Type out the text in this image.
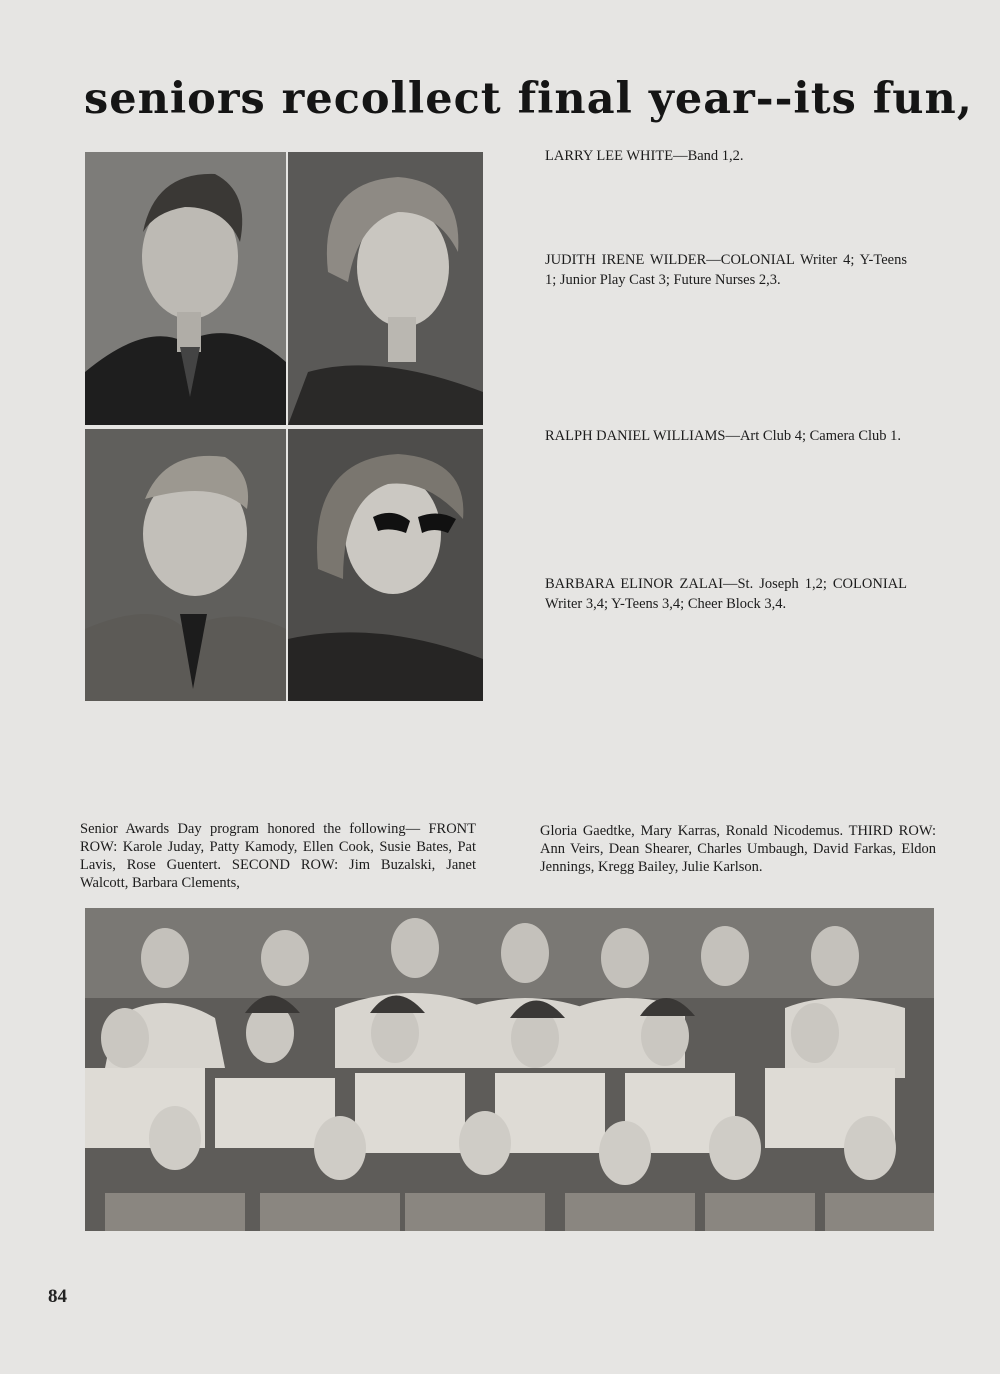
seniors recollect final year--its fun,

LARRY LEE WHITE—Band 1,2.

JUDITH IRENE WILDER—COLONIAL Writer 4; Y-Teens 1; Junior Play Cast 3; Future Nurses 2,3.

RALPH DANIEL WILLIAMS—Art Club 4; Camera Club 1.

BARBARA ELINOR ZALAI—St. Joseph 1,2; COLONIAL Writer 3,4; Y-Teens 3,4; Cheer Block 3,4.

Senior Awards Day program honored the following— FRONT ROW: Karole Juday, Patty Kamody, Ellen Cook, Susie Bates, Pat Lavis, Rose Guentert. SECOND ROW: Jim Buzalski, Janet Walcott, Barbara Clements,

Gloria Gaedtke, Mary Karras, Ronald Nicodemus. THIRD ROW: Ann Veirs, Dean Shearer, Charles Umbaugh, David Farkas, Eldon Jennings, Kregg Bailey, Julie Karlson.

84
